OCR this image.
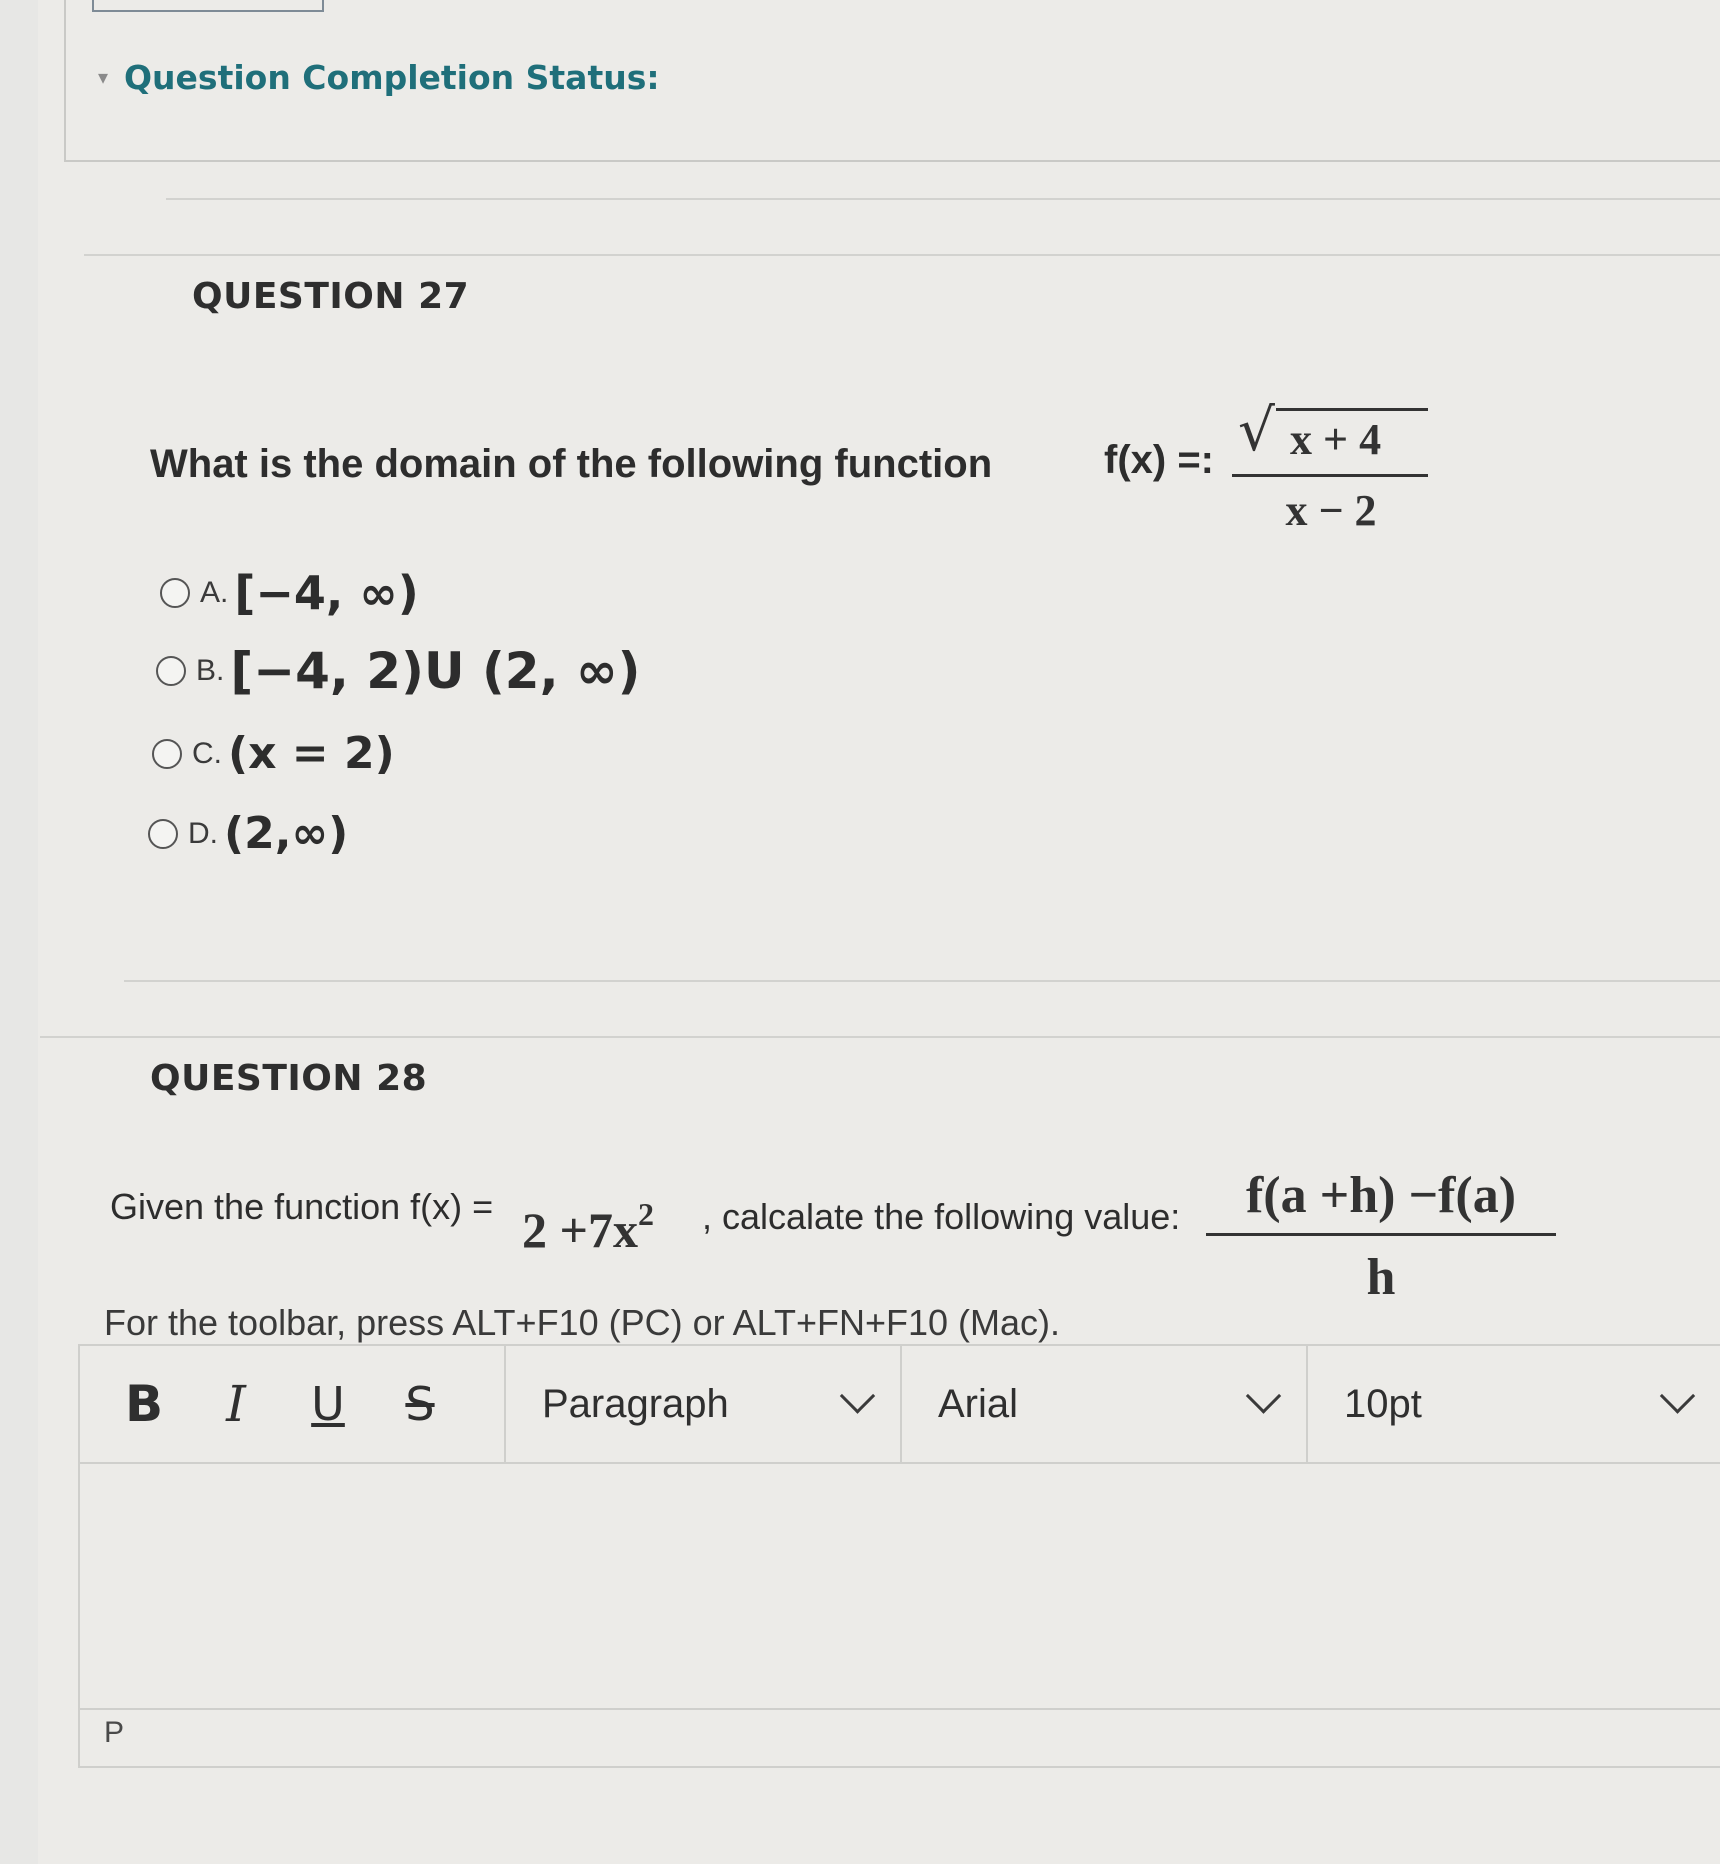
▾ Question Completion Status:
QUESTION 27
What is the domain of the following function	f(x) =: √ x + 4
x − 2
A. [−4, ∞)
B. [−4, 2)U (2, ∞)
C. (x = 2)
D. (2,∞)
QUESTION 28
Given the function $f(x) = 2 +7x^2$ , calcalate the following value:	f(a +h) −f(a)
h
For the toolbar, press ALT+F10 (PC) or ALT+FN+F10 (Mac).
B	I	U	S	Paragraph	Arial	10pt
P
